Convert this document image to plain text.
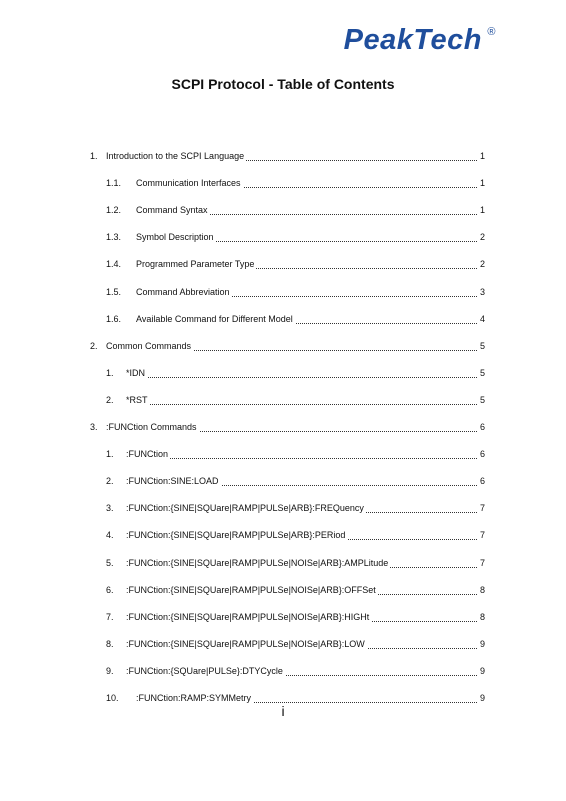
PeakTech ®
SCPI Protocol - Table of Contents
1. Introduction to the SCPI Language	1
1.1. Communication Interfaces	1
1.2. Command Syntax	1
1.3. Symbol Description	2
1.4. Programmed Parameter Type	2
1.5. Command Abbreviation	3
1.6. Available Command for Different Model	4
2. Common Commands	5
1. *IDN	5
2. *RST	5
3. :FUNCtion Commands	6
1. :FUNCtion	6
2. :FUNCtion:SINE:LOAD	6
3. :FUNCtion:{SINE|SQUare|RAMP|PULSe|ARB}:FREQuency	7
4. :FUNCtion:{SINE|SQUare|RAMP|PULSe|ARB}:PERiod	7
5. :FUNCtion:{SINE|SQUare|RAMP|PULSe|NOISe|ARB}:AMPLitude	7
6. :FUNCtion:{SINE|SQUare|RAMP|PULSe|NOISe|ARB}:OFFSet	8
7. :FUNCtion:{SINE|SQUare|RAMP|PULSe|NOISe|ARB}:HIGHt	8
8. :FUNCtion:{SINE|SQUare|RAMP|PULSe|NOISe|ARB}:LOW	9
9. :FUNCtion:{SQUare|PULSe}:DTYCycle	9
10. :FUNCtion:RAMP:SYMMetry	9
i
